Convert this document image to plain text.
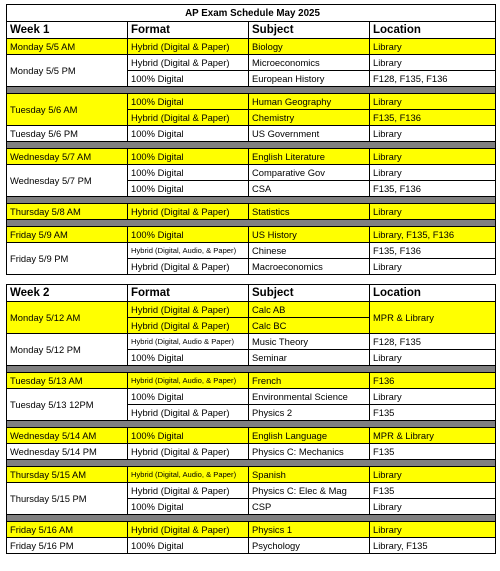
AP Exam Schedule May 2025			
Week 1	Format	Subject	Location
Monday 5/5 AM	Hybrid (Digital & Paper)	Biology	Library
Monday 5/5 PM	Hybrid (Digital & Paper)	Microeconomics	Library
	100% Digital	European History	F128, F135, F136

Tuesday 5/6 AM	100% Digital	Human Geography	Library
	Hybrid (Digital & Paper)	Chemistry	F135, F136
Tuesday 5/6 PM	100% Digital	US Government	Library

Wednesday 5/7 AM	100% Digital	English Literature	Library
Wednesday 5/7 PM	100% Digital	Comparative Gov	Library
	100% Digital	CSA	F135, F136

Thursday 5/8 AM	Hybrid (Digital & Paper)	Statistics	Library

Friday 5/9 AM	100% Digital	US History	Library, F135, F136
Friday 5/9 PM	Hybrid (Digital, Audio, & Paper)	Chinese	F135, F136
	Hybrid (Digital & Paper)	Macroeconomics	Library

Week 2	Format	Subject	Location
Monday 5/12 AM	Hybrid (Digital & Paper)	Calc AB	MPR & Library
	Hybrid (Digital & Paper)	Calc BC	
Monday 5/12 PM	Hybrid (Digital, Audio & Paper)	Music Theory	F128, F135
	100% Digital	Seminar	Library

Tuesday 5/13 AM	Hybrid (Digital, Audio, & Paper)	French	F136
Tuesday 5/13 12PM	100% Digital	Environmental Science	Library
	Hybrid (Digital & Paper)	Physics 2	F135

Wednesday 5/14 AM	100% Digital	English Language	MPR & Library
Wednesday 5/14 PM	Hybrid (Digital & Paper)	Physics C: Mechanics	F135

Thursday 5/15 AM	Hybrid (Digital, Audio, & Paper)	Spanish	Library
Thursday 5/15 PM	Hybrid (Digital & Paper)	Physics C: Elec & Mag	F135
	100% Digital	CSP	Library

Friday 5/16 AM	Hybrid (Digital & Paper)	Physics 1	Library
Friday 5/16 PM	100% Digital	Psychology	Library, F135
